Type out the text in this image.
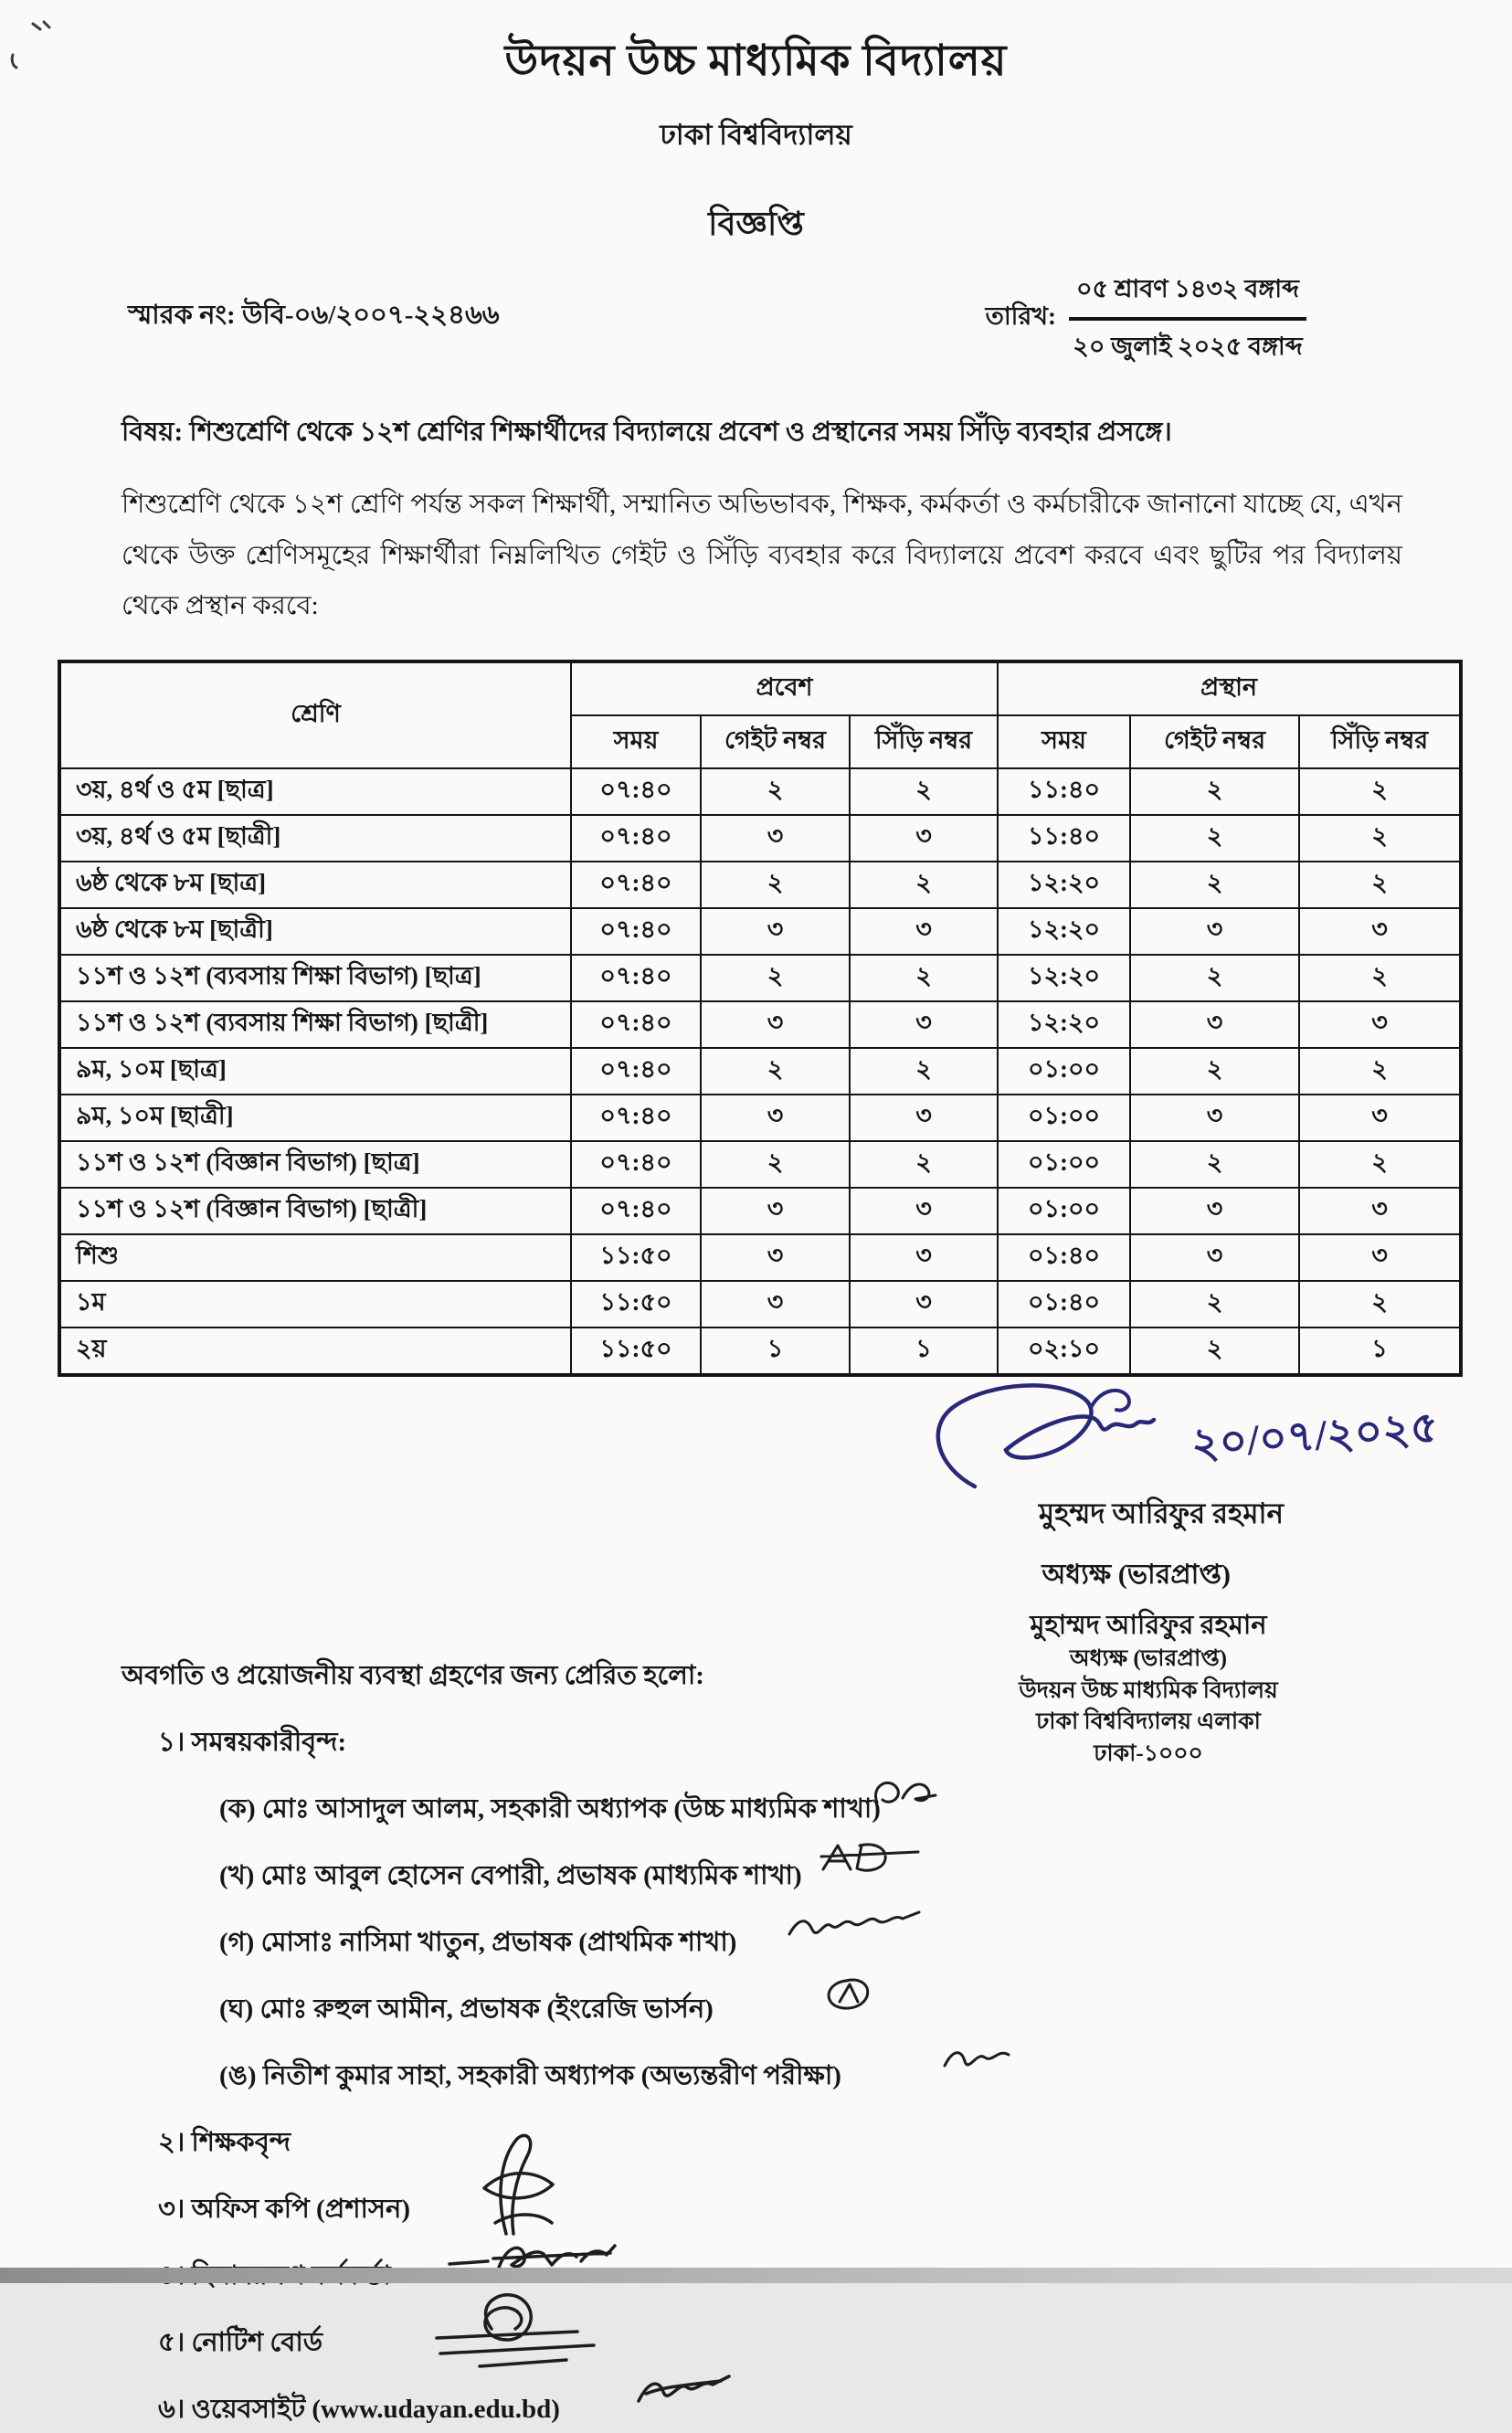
উদয়ন উচ্চ মাধ্যমিক বিদ্যালয়
ঢাকা বিশ্ববিদ্যালয়
বিজ্ঞপ্তি
স্মারক নং: উবি-০৬/২০০৭-২২৪৬৬	তারিখ: $\frac{\text{০৫ শ্রাবণ ১৪৩২ বঙ্গাব্দ}}{\text{২০ জুলাই ২০২৫ বঙ্গাব্দ}}$
বিষয়: শিশুশ্রেণি থেকে ১২শ শ্রেণির শিক্ষার্থীদের বিদ্যালয়ে প্রবেশ ও প্রস্থানের সময় সিঁড়ি ব্যবহার প্রসঙ্গে।
শিশুশ্রেণি থেকে ১২শ শ্রেণি পর্যন্ত সকল শিক্ষার্থী, সম্মানিত অভিভাবক, শিক্ষক, কর্মকর্তা ও কর্মচারীকে জানানো যাচ্ছে যে, এখন থেকে উক্ত শ্রেণিসমূহের শিক্ষার্থীরা নিম্নলিখিত গেইট ও সিঁড়ি ব্যবহার করে বিদ্যালয়ে প্রবেশ করবে এবং ছুটির পর বিদ্যালয় থেকে প্রস্থান করবে:
শ্রেণি	প্রবেশ			প্রস্থান		
	সময়	গেইট নম্বর	সিঁড়ি নম্বর	সময়	গেইট নম্বর	সিঁড়ি নম্বর
৩য়, ৪র্থ ও ৫ম [ছাত্র]	০৭:৪০	২	২	১১:৪০	২	২
৩য়, ৪র্থ ও ৫ম [ছাত্রী]	০৭:৪০	৩	৩	১১:৪০	২	২
৬ষ্ঠ থেকে ৮ম [ছাত্র]	০৭:৪০	২	২	১২:২০	২	২
৬ষ্ঠ থেকে ৮ম [ছাত্রী]	০৭:৪০	৩	৩	১২:২০	৩	৩
১১শ ও ১২শ (ব্যবসায় শিক্ষা বিভাগ) [ছাত্র]	০৭:৪০	২	২	১২:২০	২	২
১১শ ও ১২শ (ব্যবসায় শিক্ষা বিভাগ) [ছাত্রী]	০৭:৪০	৩	৩	১২:২০	৩	৩
৯ম, ১০ম [ছাত্র]	০৭:৪০	২	২	০১:০০	২	২
৯ম, ১০ম [ছাত্রী]	০৭:৪০	৩	৩	০১:০০	৩	৩
১১শ ও ১২শ (বিজ্ঞান বিভাগ) [ছাত্র]	০৭:৪০	২	২	০১:০০	২	২
১১শ ও ১২শ (বিজ্ঞান বিভাগ) [ছাত্রী]	০৭:৪০	৩	৩	০১:০০	৩	৩
শিশু	১১:৫০	৩	৩	০১:৪০	৩	৩
১ম	১১:৫০	৩	৩	০১:৪০	২	২
২য়	১১:৫০	১	১	০২:১০	২	১
২০/০৭/২০২৫
মুহম্মদ আরিফুর রহমান
অধ্যক্ষ (ভারপ্রাপ্ত)
মুহাম্মদ আরিফুর রহমান
অধ্যক্ষ (ভারপ্রাপ্ত)
উদয়ন উচ্চ মাধ্যমিক বিদ্যালয়
ঢাকা বিশ্ববিদ্যালয় এলাকা
ঢাকা-১০০০
অবগতি ও প্রয়োজনীয় ব্যবস্থা গ্রহণের জন্য প্রেরিত হলো:
১। সমন্বয়কারীবৃন্দ:
(ক) মোঃ আসাদুল আলম, সহকারী অধ্যাপক (উচ্চ মাধ্যমিক শাখা)
(খ) মোঃ আবুল হোসেন বেপারী, প্রভাষক (মাধ্যমিক শাখা)
(গ) মোসাঃ নাসিমা খাতুন, প্রভাষক (প্রাথমিক শাখা)
(ঘ) মোঃ রুহুল আমীন, প্রভাষক (ইংরেজি ভার্সন)
(ঙ) নিতীশ কুমার সাহা, সহকারী অধ্যাপক (অভ্যন্তরীণ পরীক্ষা)
২। শিক্ষকবৃন্দ
৩। অফিস কপি (প্রশাসন)
৫। নোটিশ বোর্ড
৬। ওয়েবসাইট (www.udayan.edu.bd)
